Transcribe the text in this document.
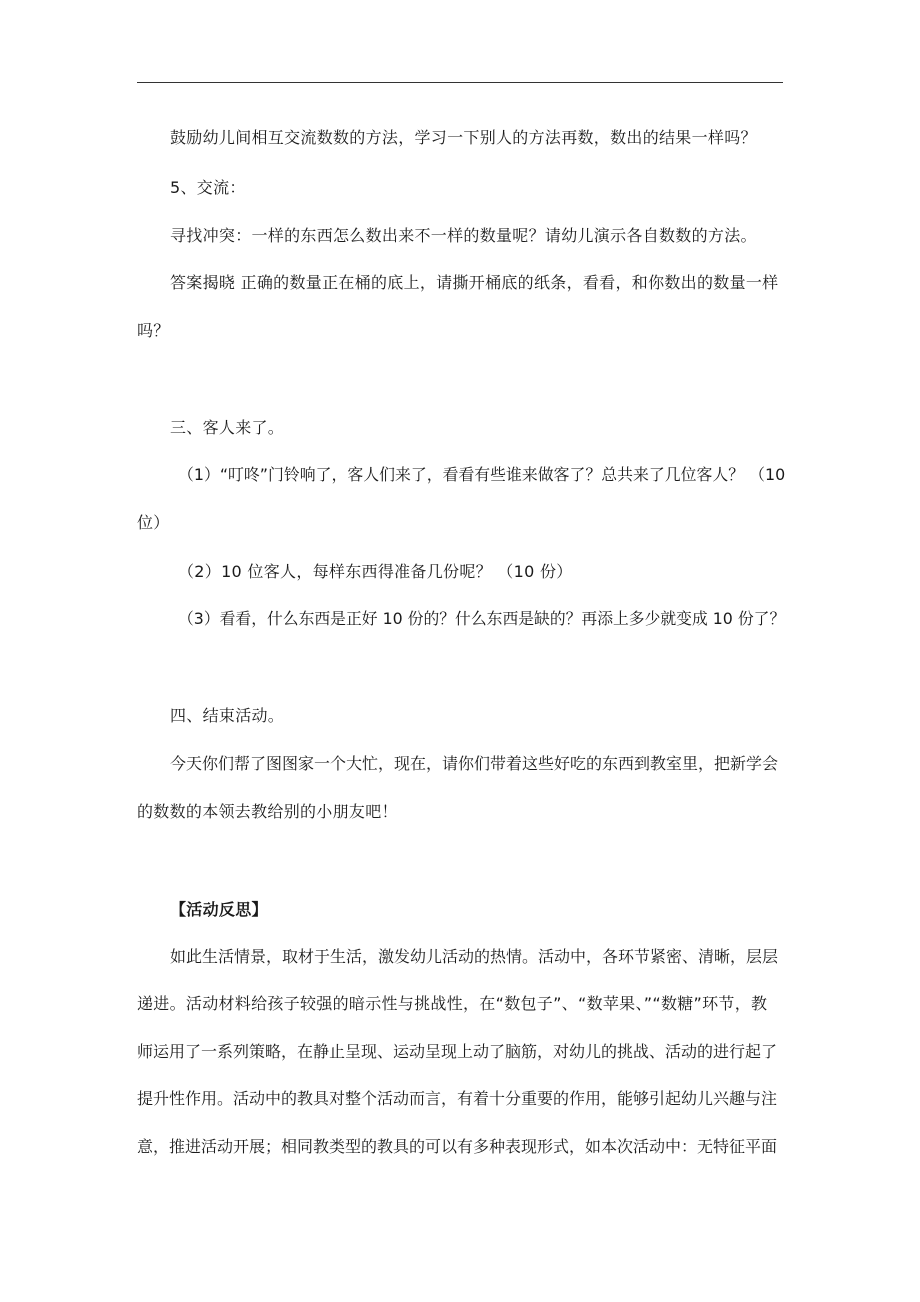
鼓励幼儿间相互交流数数的方法，学习一下别人的方法再数，数出的结果一样吗？

5、交流：

寻找冲突：一样的东西怎么数出来不一样的数量呢？请幼儿演示各自数数的方法。

答案揭晓 正确的数量正在桶的底上，请撕开桶底的纸条，看看，和你数出的数量一样

吗？

三、客人来了。

（1）“叮咚”门铃响了，客人们来了，看看有些谁来做客了？总共来了几位客人？ （10

位）

（2）10 位客人，每样东西得准备几份呢？ （10 份）

（3）看看，什么东西是正好 10 份的？什么东西是缺的？再添上多少就变成 10 份了？

四、结束活动。

今天你们帮了图图家一个大忙，现在，请你们带着这些好吃的东西到教室里，把新学会

的数数的本领去教给别的小朋友吧！

【活动反思】

如此生活情景，取材于生活，激发幼儿活动的热情。活动中，各环节紧密、清晰，层层

递进。活动材料给孩子较强的暗示性与挑战性，在“数包子”、“数苹果、”“数糖”环节，教

师运用了一系列策略，在静止呈现、运动呈现上动了脑筋，对幼儿的挑战、活动的进行起了

提升性作用。活动中的教具对整个活动而言，有着十分重要的作用，能够引起幼儿兴趣与注

意，推进活动开展；相同教类型的教具的可以有多种表现形式，如本次活动中：无特征平面
